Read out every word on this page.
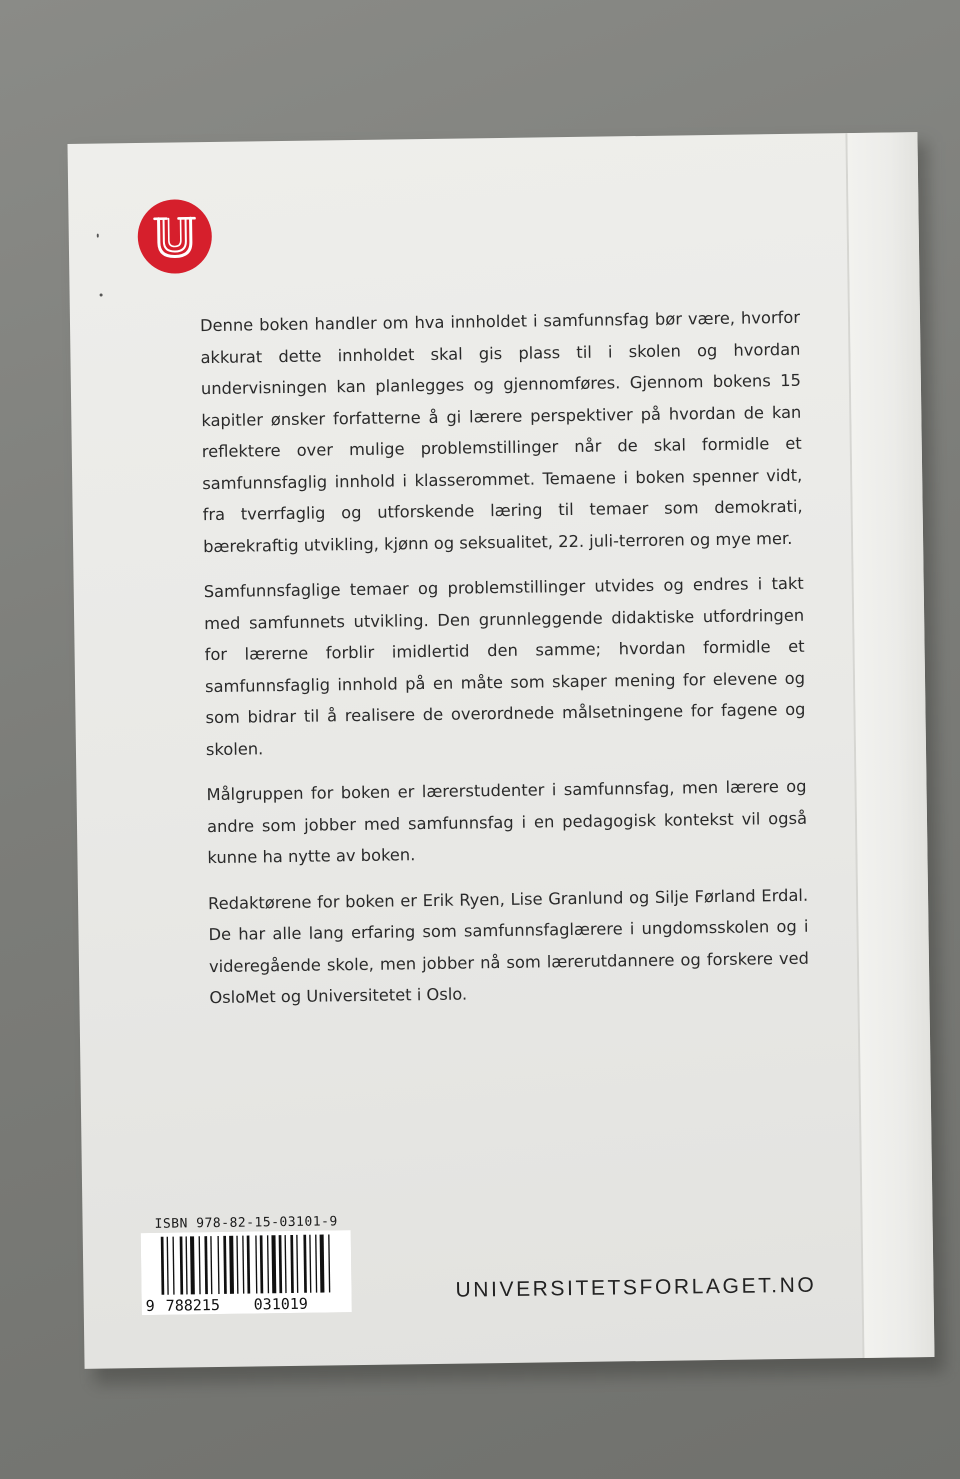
Denne boken handler om hva innholdet i samfunnsfag bør være, hvorfor akkurat dette innholdet skal gis plass til i skolen og hvordan undervisningen kan planlegges og gjennomføres. Gjennom bokens 15 kapitler ønsker forfatterne å gi lærere perspektiver på hvordan de kan reflektere over mulige problemstillinger når de skal formidle et samfunnsfaglig innhold i klasserommet. Temaene i boken spenner vidt, fra tverrfaglig og utforskende læring til temaer som demokrati, bærekraftig utvikling, kjønn og seksualitet, 22. juli-terroren og mye mer.

Samfunnsfaglige temaer og problemstillinger utvides og endres i takt med samfunnets utvikling. Den grunnleggende didaktiske utfordringen for lærerne forblir imidlertid den samme; hvordan formidle et samfunnsfaglig innhold på en måte som skaper mening for elevene og som bidrar til å realisere de overordnede målsetningene for fagene og skolen.

Målgruppen for boken er lærerstudenter i samfunnsfag, men lærere og andre som jobber med samfunnsfag i en pedagogisk kontekst vil også kunne ha nytte av boken.

Redaktørene for boken er Erik Ryen, Lise Granlund og Silje Førland Erdal. De har alle lang erfaring som samfunnsfaglærere i ungdomsskolen og i videregående skole, men jobber nå som lærerutdannere og forskere ved OsloMet og Universitetet i Oslo.

ISBN 978-82-15-03101-9
9 788215 031019
UNIVERSITETSFORLAGET.NO
